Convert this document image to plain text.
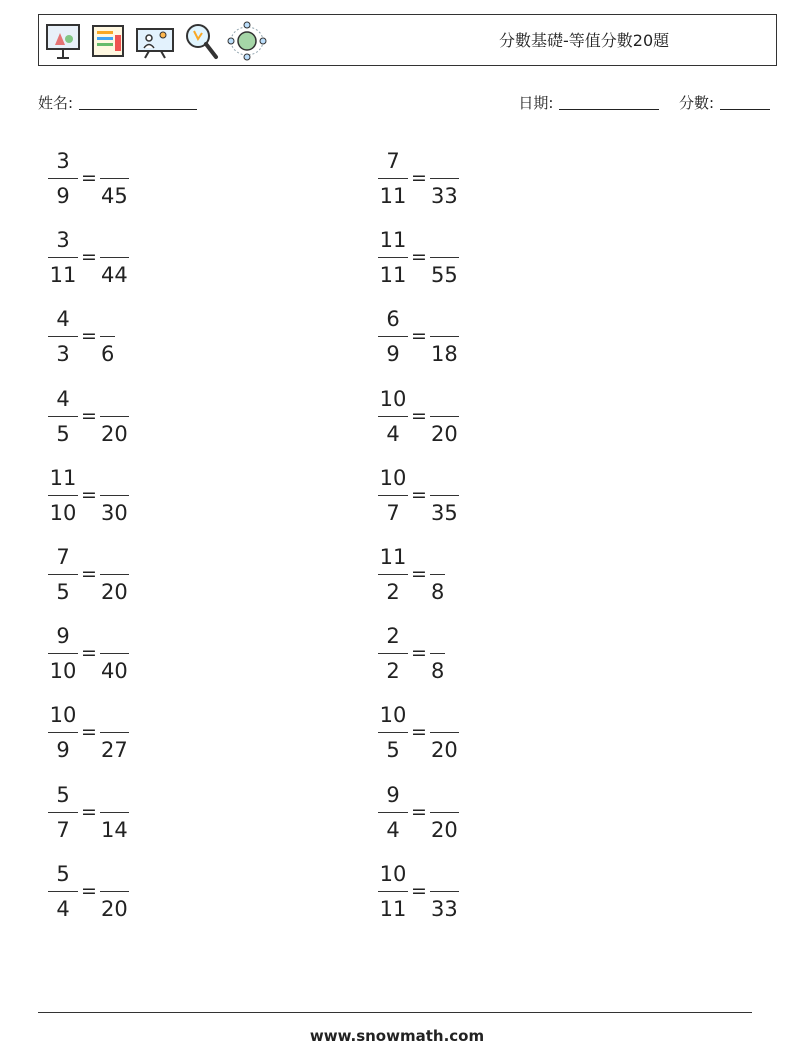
分數基礎-等值分數20題
姓名:	日期:	分數:
3
9
=
45
7
11
=
33
3
11
=
44
11
11
=
55
4
3
=
6
6
9
=
18
4
5
=
20
10
4
=
20
11
10
=
30
10
7
=
35
7
5
=
20
11
2
=
8
9
10
=
40
2
2
=
8
10
9
=
27
10
5
=
20
5
7
=
14
9
4
=
20
5
4
=
20
10
11
=
33
www.snowmath.com
